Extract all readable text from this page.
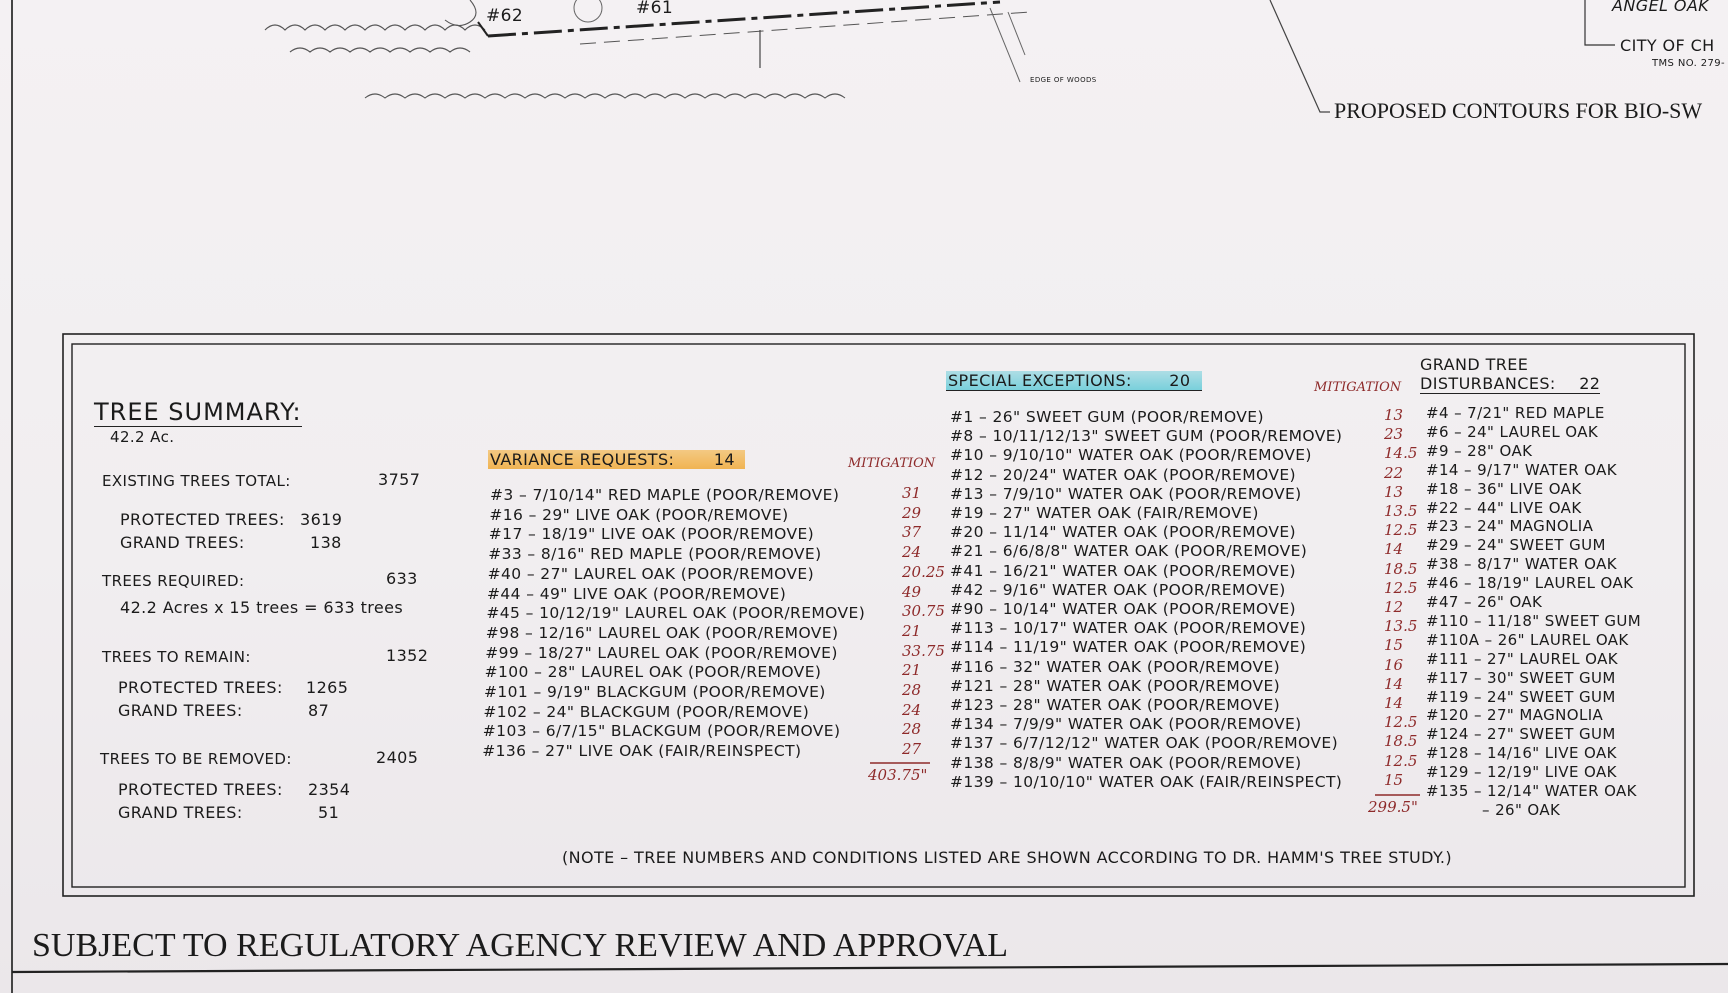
#62	#61
EDGE OF WOODS
PROPOSED CONTOURS FOR BIO-SW
ANGEL OAK
CITY OF CH
TMS NO. 279-
TREE SUMMARY:
42.2 Ac.
EXISTING TREES TOTAL:	3757
PROTECTED TREES: 3619
GRAND TREES:	138
TREES REQUIRED:	633
42.2 Acres x 15 trees = 633 trees
TREES TO REMAIN:	1352
PROTECTED TREES: 1265
GRAND TREES:	87
TREES TO BE REMOVED:	2405
PROTECTED TREES: 2354
GRAND TREES:	51
VARIANCE REQUESTS: 14	MITIGATION
#3 – 7/10/14" RED MAPLE (POOR/REMOVE)	31
#16 – 29" LIVE OAK (POOR/REMOVE)	29
#17 – 18/19" LIVE OAK (POOR/REMOVE)	37
#33 – 8/16" RED MAPLE (POOR/REMOVE)	24
#40 – 27" LAUREL OAK (POOR/REMOVE)	20.25
#44 – 49" LIVE OAK (POOR/REMOVE)	49
#45 – 10/12/19" LAUREL OAK (POOR/REMOVE) 30.75
#98 – 12/16" LAUREL OAK (POOR/REMOVE)	21
#99 – 18/27" LAUREL OAK (POOR/REMOVE)	33.75
#100 – 28" LAUREL OAK (POOR/REMOVE)	21
#101 – 9/19" BLACKGUM (POOR/REMOVE)	28
#102 – 24" BLACKGUM (POOR/REMOVE)	24
#103 – 6/7/15" BLACKGUM (POOR/REMOVE)	28
#136 – 27" LIVE OAK (FAIR/REINSPECT)	27
403.75"
SPECIAL EXCEPTIONS: 20	MITIGATION
#1 – 26" SWEET GUM (POOR/REMOVE)	13
#8 – 10/11/12/13" SWEET GUM (POOR/REMOVE)	23
#10 – 9/10/10" WATER OAK (POOR/REMOVE)	14.5
#12 – 20/24" WATER OAK (POOR/REMOVE)	22
#13 – 7/9/10" WATER OAK (POOR/REMOVE)	13
#19 – 27" WATER OAK (FAIR/REMOVE)	13.5
#20 – 11/14" WATER OAK (POOR/REMOVE)	12.5
#21 – 6/6/8/8" WATER OAK (POOR/REMOVE)	14
#41 – 16/21" WATER OAK (POOR/REMOVE)	18.5
#42 – 9/16" WATER OAK (POOR/REMOVE)	12.5
#90 – 10/14" WATER OAK (POOR/REMOVE)	12
#113 – 10/17" WATER OAK (POOR/REMOVE)	13.5
#114 – 11/19" WATER OAK (POOR/REMOVE)	15
#116 – 32" WATER OAK (POOR/REMOVE)	16
#121 – 28" WATER OAK (POOR/REMOVE)	14
#123 – 28" WATER OAK (POOR/REMOVE)	14
#134 – 7/9/9" WATER OAK (POOR/REMOVE)	12.5
#137 – 6/7/12/12" WATER OAK (POOR/REMOVE)	18.5
#138 – 8/8/9" WATER OAK (POOR/REMOVE)	12.5
#139 – 10/10/10" WATER OAK (FAIR/REINSPECT)	15
299.5"
GRAND TREE
DISTURBANCES: 22
#4 – 7/21" RED MAPLE
#6 – 24" LAUREL OAK
#9 – 28" OAK
#14 – 9/17" WATER OAK
#18 – 36" LIVE OAK
#22 – 44" LIVE OAK
#23 – 24" MAGNOLIA
#29 – 24" SWEET GUM
#38 – 8/17" WATER OAK
#46 – 18/19" LAUREL OAK
#47 – 26" OAK
#110 – 11/18" SWEET GUM
#110A – 26" LAUREL OAK
#111 – 27" LAUREL OAK
#117 – 30" SWEET GUM
#119 – 24" SWEET GUM
#120 – 27" MAGNOLIA
#124 – 27" SWEET GUM
#128 – 14/16" LIVE OAK
#129 – 12/19" LIVE OAK
#135 – 12/14" WATER OAK
– 26" OAK
(NOTE – TREE NUMBERS AND CONDITIONS LISTED ARE SHOWN ACCORDING TO DR. HAMM'S TREE STUDY.)
SUBJECT TO REGULATORY AGENCY REVIEW AND APPROVAL
